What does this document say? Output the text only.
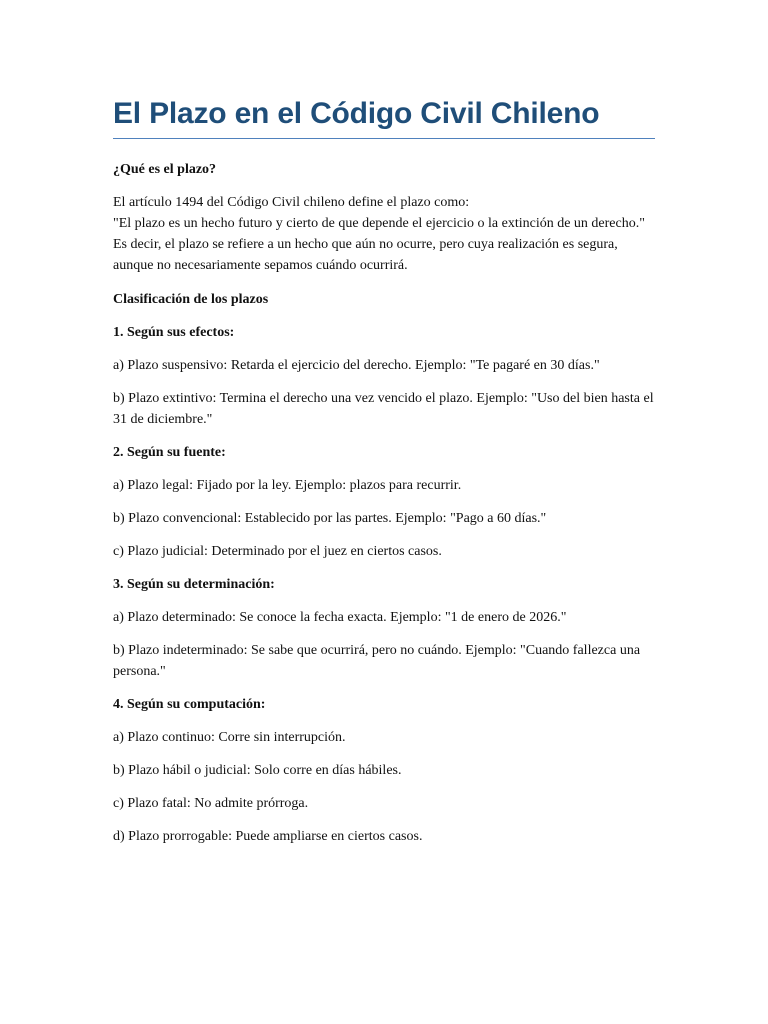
El Plazo en el Código Civil Chileno

¿Qué es el plazo?

El artículo 1494 del Código Civil chileno define el plazo como:
"El plazo es un hecho futuro y cierto de que depende el ejercicio o la extinción de un derecho."
Es decir, el plazo se refiere a un hecho que aún no ocurre, pero cuya realización es segura, aunque no necesariamente sepamos cuándo ocurrirá.

Clasificación de los plazos

1. Según sus efectos:

a) Plazo suspensivo: Retarda el ejercicio del derecho. Ejemplo: "Te pagaré en 30 días."

b) Plazo extintivo: Termina el derecho una vez vencido el plazo. Ejemplo: "Uso del bien hasta el 31 de diciembre."

2. Según su fuente:

a) Plazo legal: Fijado por la ley. Ejemplo: plazos para recurrir.

b) Plazo convencional: Establecido por las partes. Ejemplo: "Pago a 60 días."

c) Plazo judicial: Determinado por el juez en ciertos casos.

3. Según su determinación:

a) Plazo determinado: Se conoce la fecha exacta. Ejemplo: "1 de enero de 2026."

b) Plazo indeterminado: Se sabe que ocurrirá, pero no cuándo. Ejemplo: "Cuando fallezca una persona."

4. Según su computación:

a) Plazo continuo: Corre sin interrupción.

b) Plazo hábil o judicial: Solo corre en días hábiles.

c) Plazo fatal: No admite prórroga.

d) Plazo prorrogable: Puede ampliarse en ciertos casos.
